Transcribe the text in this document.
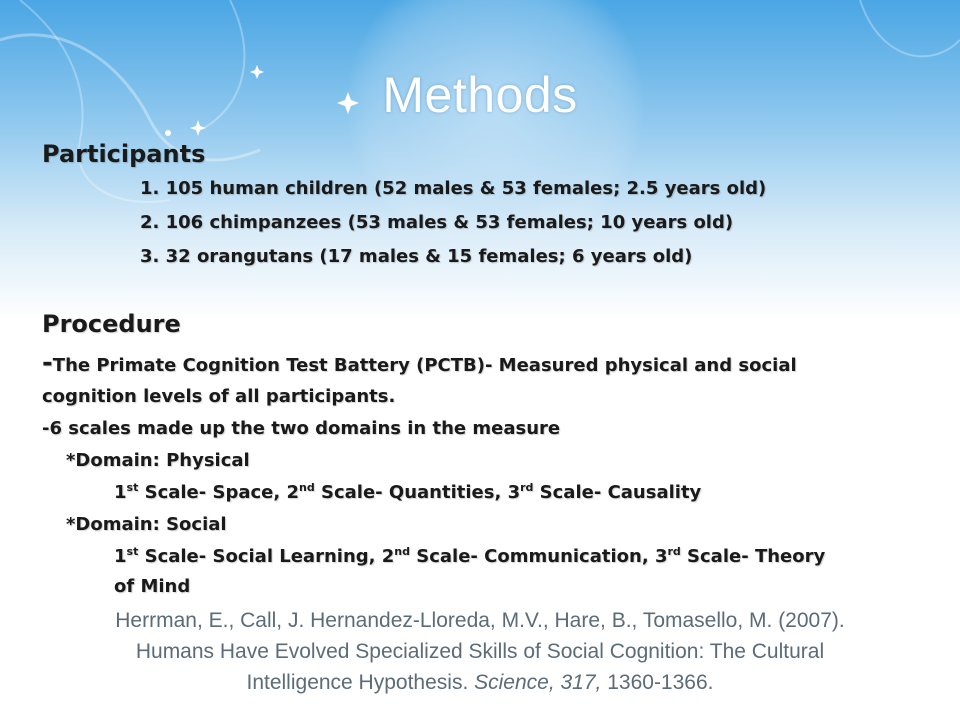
Methods
Participants
1. 105 human children (52 males & 53 females; 2.5 years old)
2. 106 chimpanzees (53 males & 53 females; 10 years old)
3. 32 orangutans (17 males & 15 females; 6 years old)
Procedure
-The Primate Cognition Test Battery (PCTB)- Measured physical and social
cognition levels of all participants.
-6 scales made up the two domains in the measure
*Domain: Physical
1st Scale- Space, 2nd Scale- Quantities, 3rd Scale- Causality
*Domain: Social
1st Scale- Social Learning, 2nd Scale- Communication, 3rd Scale- Theory
of Mind
Herrman, E., Call, J. Hernandez-Lloreda, M.V., Hare, B., Tomasello, M. (2007).
Humans Have Evolved Specialized Skills of Social Cognition: The Cultural
Intelligence Hypothesis. Science, 317, 1360-1366.
